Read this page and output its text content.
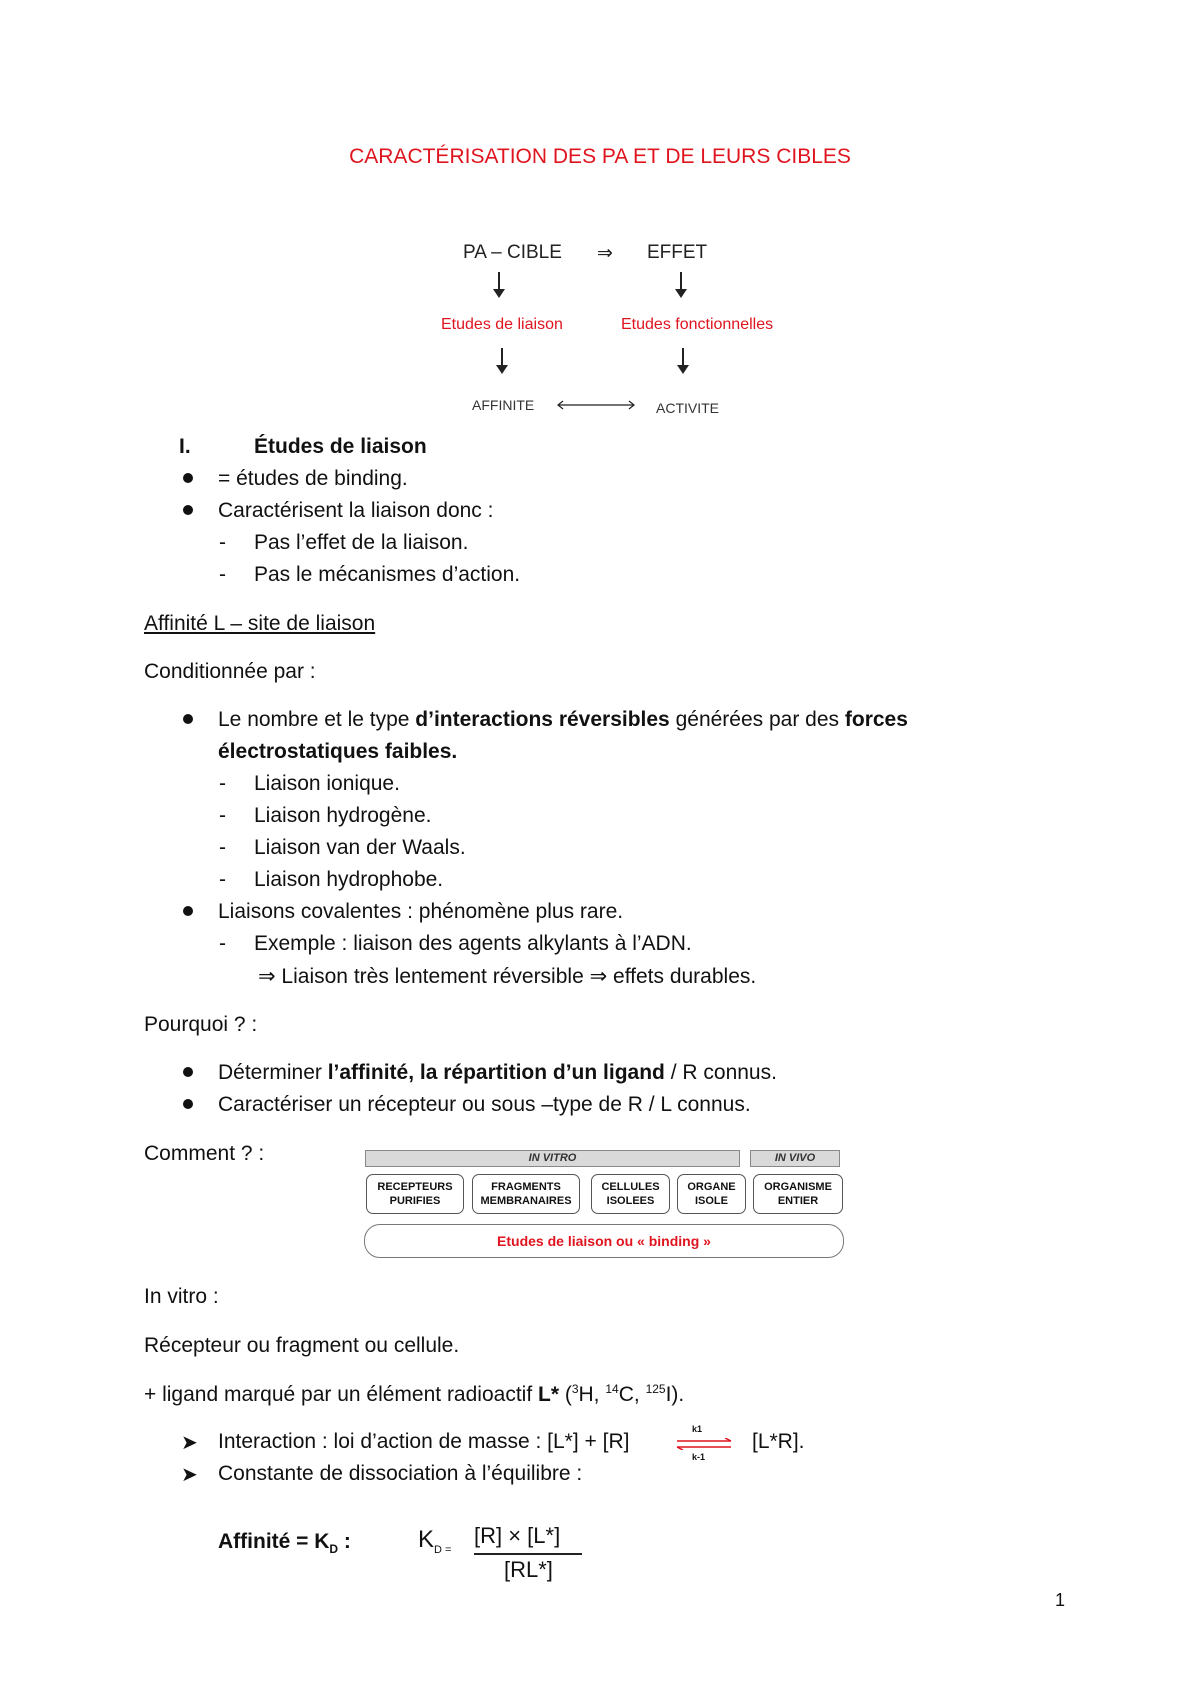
CARACTÉRISATION DES PA ET DE LEURS CIBLES
PA – CIBLE ⇒ EFFET
Etudes de liaison	Etudes fonctionnelles
AFFINITE	ACTIVITE
I.	Études de liaison
= études de binding.
Caractérisent la liaison donc :
- Pas l’effet de la liaison.
- Pas le mécanismes d’action.
Affinité L – site de liaison
Conditionnée par :
Le nombre et le type d’interactions réversibles générées par des forces
électrostatiques faibles.
- Liaison ionique.
- Liaison hydrogène.
- Liaison van der Waals.
- Liaison hydrophobe.
Liaisons covalentes : phénomène plus rare.
- Exemple : liaison des agents alkylants à l’ADN.
⇒ Liaison très lentement réversible ⇒ effets durables.
Pourquoi ? :
Déterminer l’affinité, la répartition d’un ligand / R connus.
Caractériser un récepteur ou sous –type de R / L connus.
Comment ? :	IN VITRO	IN VIVO
RECEPTEURS
PURIFIES
FRAGMENTS
MEMBRANAIRES
CELLULES
ISOLEES
ORGANE
ISOLE
ORGANISME
ENTIER
Etudes de liaison ou « binding »
In vitro :
Récepteur ou fragment ou cellule.
+ ligand marqué par un élément radioactif L* ($^3$H, $^{14}$C, $^{125}$I).
➤ Interaction : loi d’action de masse : [L*] + [R]
k1
k-1
[L*R].
➤ Constante de dissociation à l’équilibre :
Affinité = $K_D$ :	$K_{D =}$
[R] × [L*]
[RL*]
1
